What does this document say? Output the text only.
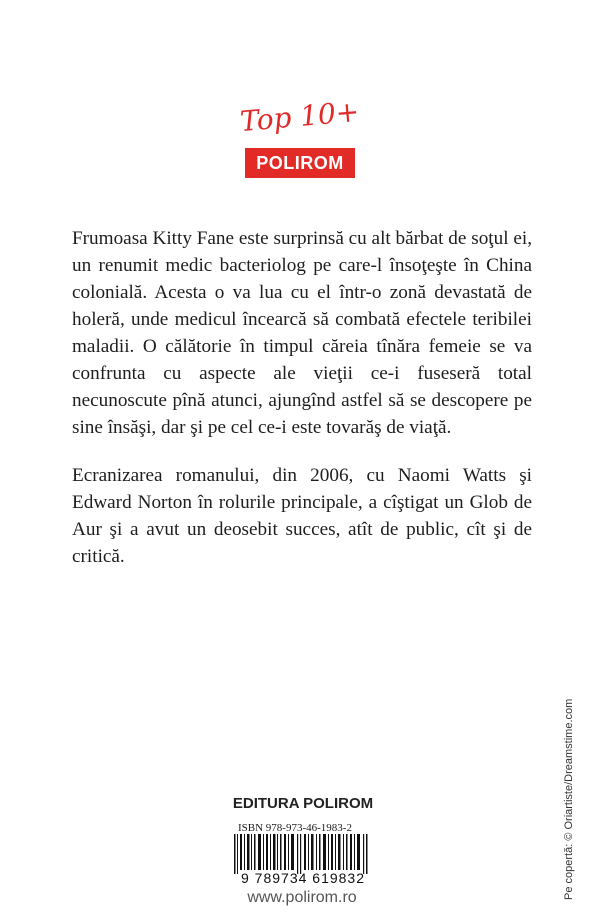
Top 10+
POLIROM

Frumoasa Kitty Fane este surprinsă cu alt bărbat de soţul ei, un renumit medic bacteriolog pe care-l însoţeşte în China colonială. Acesta o va lua cu el într-o zonă devastată de holeră, unde medicul încearcă să combată efectele teribilei maladii. O călătorie în timpul căreia tînăra femeie se va confrunta cu aspecte ale vieţii ce-i fuseseră total necunoscute pînă atunci, ajungînd astfel să se descopere pe sine însăşi, dar şi pe cel ce-i este tovarăş de viaţă.

Ecranizarea romanului, din 2006, cu Naomi Watts şi Edward Norton în rolurile principale, a cîştigat un Glob de Aur şi a avut un deosebit succes, atît de public, cît şi de critică.

Pe copertă: © Oriartiste/Dreamstime.com
EDITURA POLIROM
ISBN 978-973-46-1983-2
9 789734 619832
www.polirom.ro
